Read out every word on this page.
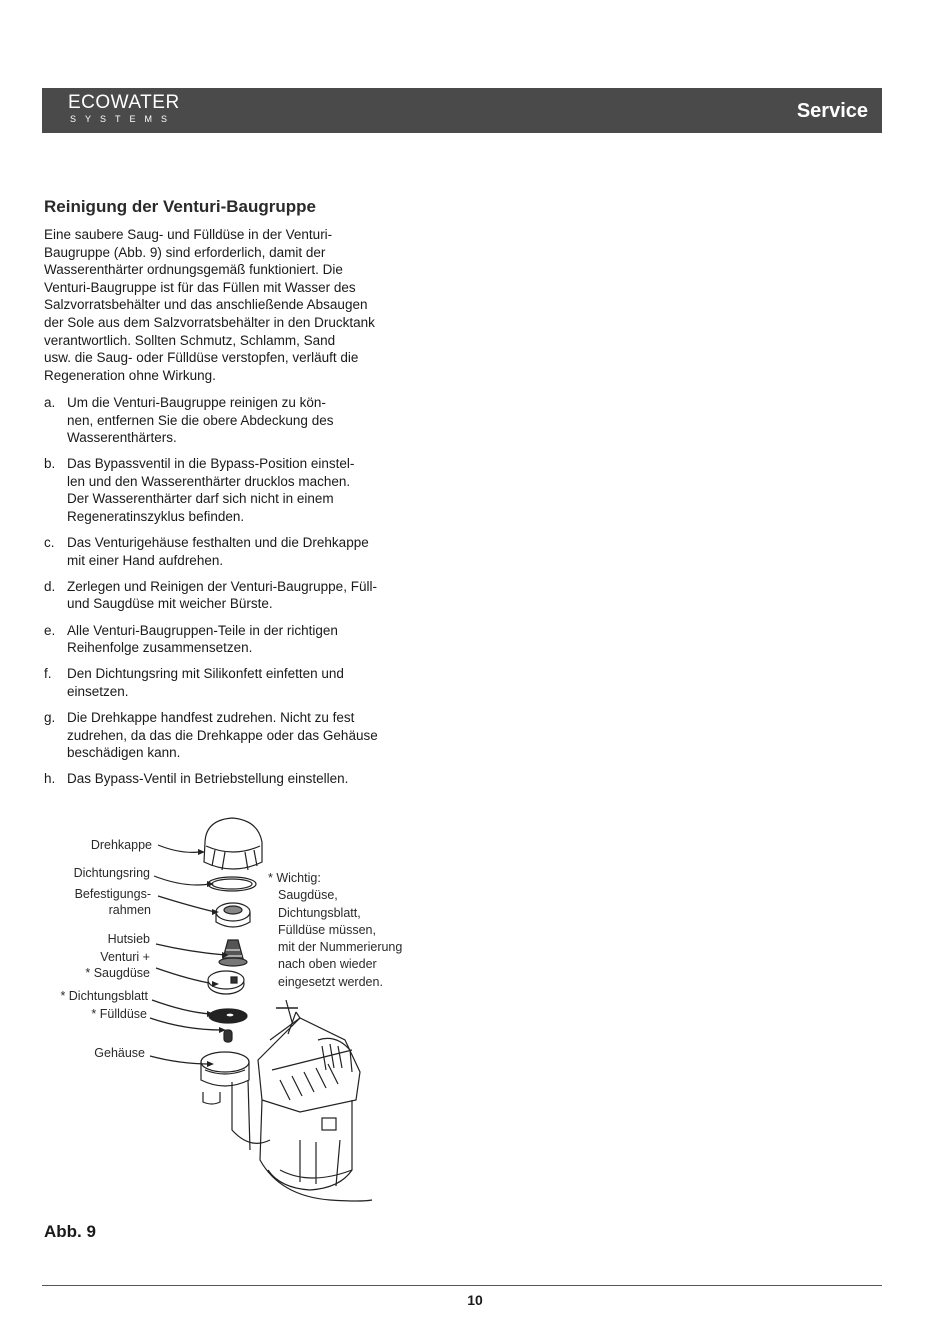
ECOWATER
SYSTEMS	Service
Reinigung der Venturi-Baugruppe

Eine saubere Saug- und Fülldüse in der Venturi-
Baugruppe (Abb. 9) sind erforderlich, damit der
Wasserenthärter ordnungsgemäß funktioniert. Die
Venturi-Baugruppe ist für das Füllen mit Wasser des
Salzvorratsbehälter und das anschließende Absaugen
der Sole aus dem Salzvorratsbehälter in den Drucktank
verantwortlich. Sollten Schmutz, Schlamm, Sand
usw. die Saug- oder Fülldüse verstopfen, verläuft die
Regeneration ohne Wirkung.

a. Um die Venturi-Baugruppe reinigen zu kön-
nen, entfernen Sie die obere Abdeckung des
Wasserenthärters.
b. Das Bypassventil in die Bypass-Position einstel-
len und den Wasserenthärter drucklos machen.
Der Wasserenthärter darf sich nicht in einem
Regeneratinszyklus befinden.
c. Das Venturigehäuse festhalten und die Drehkappe
mit einer Hand aufdrehen.
d. Zerlegen und Reinigen der Venturi-Baugruppe, Füll-
und Saugdüse mit weicher Bürste.
e. Alle Venturi-Baugruppen-Teile in der richtigen
Reihenfolge zusammensetzen.
f. Den Dichtungsring mit Silikonfett einfetten und
einsetzen.
g. Die Drehkappe handfest zudrehen. Nicht zu fest
zudrehen, da das die Drehkappe oder das Gehäuse
beschädigen kann.
h. Das Bypass-Ventil in Betriebstellung einstellen.
Drehkappe
Dichtungsring
Befestigungs-
rahmen
Hutsieb
Venturi +
* Saugdüse
* Dichtungsblatt
* Fülldüse
Gehäuse
* Wichtig:
Saugdüse,
Dichtungsblatt,
Fülldüse müssen,
mit der Nummerierung
nach oben wieder
eingesetzt werden.
Abb. 9
10
